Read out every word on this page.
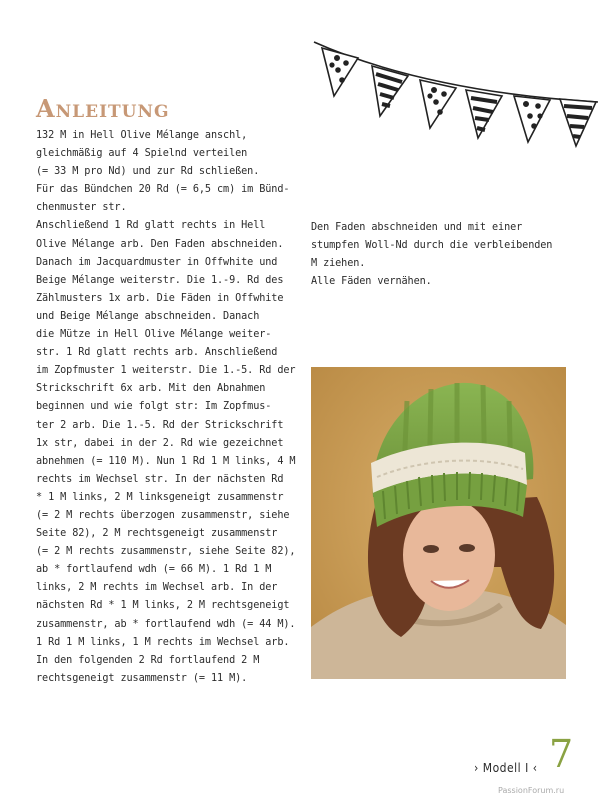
Anleitung

132 M in Hell Olive Mélange anschl,
gleichmäßig auf 4 Spielnd verteilen
(= 33 M pro Nd) und zur Rd schließen.
Für das Bündchen 20 Rd (= 6,5 cm) im Bünd-
chenmuster str.
Anschließend 1 Rd glatt rechts in Hell
Olive Mélange arb. Den Faden abschneiden.
Danach im Jacquardmuster in Offwhite und
Beige Mélange weiterstr. Die 1.-9. Rd des
Zählmusters 1x arb. Die Fäden in Offwhite
und Beige Mélange abschneiden. Danach
die Mütze in Hell Olive Mélange weiter-
str. 1 Rd glatt rechts arb. Anschließend
im Zopfmuster 1 weiterstr. Die 1.-5. Rd der
Strickschrift 6x arb. Mit den Abnahmen
beginnen und wie folgt str: Im Zopfmus-
ter 2 arb. Die 1.-5. Rd der Strickschrift
1x str, dabei in der 2. Rd wie gezeichnet
abnehmen (= 110 M). Nun 1 Rd 1 M links, 4 M
rechts im Wechsel str. In der nächsten Rd
* 1 M links, 2 M linksgeneigt zusammenstr
(= 2 M rechts überzogen zusammenstr, siehe
Seite 82), 2 M rechtsgeneigt zusammenstr
(= 2 M rechts zusammenstr, siehe Seite 82),
ab * fortlaufend wdh (= 66 M). 1 Rd 1 M
links, 2 M rechts im Wechsel arb. In der
nächsten Rd * 1 M links, 2 M rechtsgeneigt
zusammenstr, ab * fortlaufend wdh (= 44 M).
1 Rd 1 M links, 1 M rechts im Wechsel arb.
In den folgenden 2 Rd fortlaufend 2 M
rechtsgeneigt zusammenstr (= 11 M).

Den Faden abschneiden und mit einer
stumpfen Woll-Nd durch die verbleibenden
M ziehen.
Alle Fäden vernähen.

› Modell I ‹ 7
PassionForum.ru
